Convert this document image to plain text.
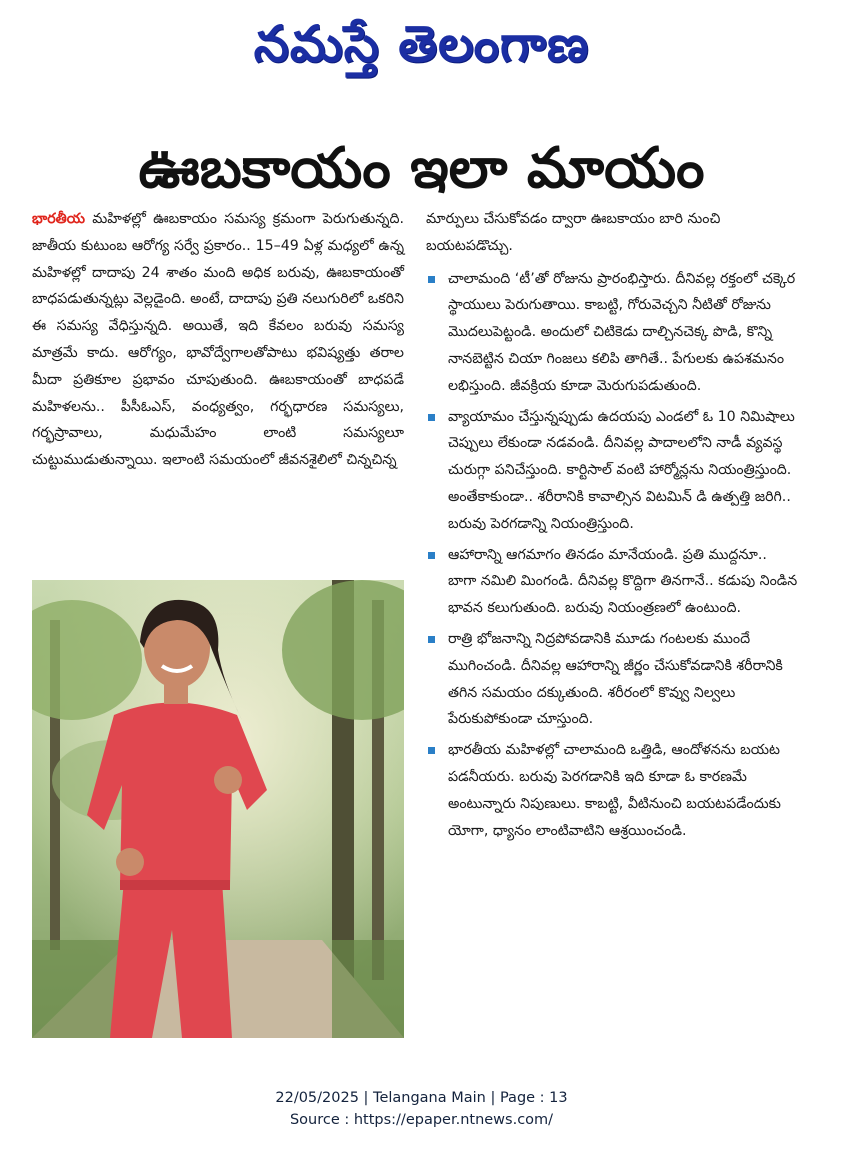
నమస్తే తెలంగాణ
ఊబకాయం ఇలా మాయం
భారతీయ మహిళల్లో ఊబకాయం సమస్య క్రమంగా పెరుగుతున్నది. జాతీయ కుటుంబ ఆరోగ్య సర్వే ప్రకారం.. 15–49 ఏళ్ల మధ్యలో ఉన్న మహిళల్లో దాదాపు 24 శాతం మంది అధిక బరువు, ఊబకాయంతో బాధపడుతున్నట్లు వెల్లడైంది. అంటే, దాదాపు ప్రతి నలుగురిలో ఒకరిని ఈ సమస్య వేధిస్తున్నది. అయితే, ఇది కేవలం బరువు సమస్య మాత్రమే కాదు. ఆరోగ్యం, భావోద్వేగాలతోపాటు భవిష్యత్తు తరాల మీదా ప్రతికూల ప్రభావం చూపుతుంది. ఊబకాయంతో బాధపడే మహిళలను.. పీసీఓఎస్, వంధ్యత్వం, గర్భధారణ సమస్యలు, గర్భస్రావాలు, మధుమేహం లాంటి సమస్యలూ చుట్టుముడుతున్నాయి. ఇలాంటి సమయంలో జీవనశైలిలో చిన్నచిన్న

మార్పులు చేసుకోవడం ద్వారా ఊబకాయం బారి నుంచి బయటపడొచ్చు.

చాలామంది ‘టీ’తో రోజును ప్రారంభిస్తారు. దీనివల్ల రక్తంలో చక్కెర స్థాయులు పెరుగుతాయి. కాబట్టి, గోరువెచ్చని నీటితో రోజును మొదలుపెట్టండి. అందులో చిటికెడు దాల్చినచెక్క పొడి, కొన్ని నానబెట్టిన చియా గింజలు కలిపి తాగితే.. పేగులకు ఉపశమనం లభిస్తుంది. జీవక్రియ కూడా మెరుగుపడుతుంది.
వ్యాయామం చేస్తున్నప్పుడు ఉదయపు ఎండలో ఓ 10 నిమిషాలు చెప్పులు లేకుండా నడవండి. దీనివల్ల పాదాలలోని నాడీ వ్యవస్థ చురుగ్గా పనిచేస్తుంది. కార్టిసాల్ వంటి హార్మోన్లను నియంత్రిస్తుంది. అంతేకాకుండా.. శరీరానికి కావాల్సిన విటమిన్ డి ఉత్పత్తి జరిగి.. బరువు పెరగడాన్ని నియంత్రిస్తుంది.
ఆహారాన్ని ఆగమాగం తినడం మానేయండి. ప్రతి ముద్దనూ.. బాగా నమిలి మింగండి. దీనివల్ల కొద్దిగా తినగానే.. కడుపు నిండిన భావన కలుగుతుంది. బరువు నియంత్రణలో ఉంటుంది.
రాత్రి భోజనాన్ని నిద్రపోవడానికి మూడు గంటలకు ముందే ముగించండి. దీనివల్ల ఆహారాన్ని జీర్ణం చేసుకోవడానికి శరీరానికి తగిన సమయం దక్కుతుంది. శరీరంలో కొవ్వు నిల్వలు పేరుకుపోకుండా చూస్తుంది.
భారతీయ మహిళల్లో చాలామంది ఒత్తిడి, ఆందోళనను బయట పడనీయరు. బరువు పెరగడానికి ఇది కూడా ఓ కారణమే అంటున్నారు నిపుణులు. కాబట్టి, వీటినుంచి బయటపడేందుకు యోగా, ధ్యానం లాంటివాటిని ఆశ్రయించండి.
22/05/2025 | Telangana Main | Page : 13
Source : https://epaper.ntnews.com/
